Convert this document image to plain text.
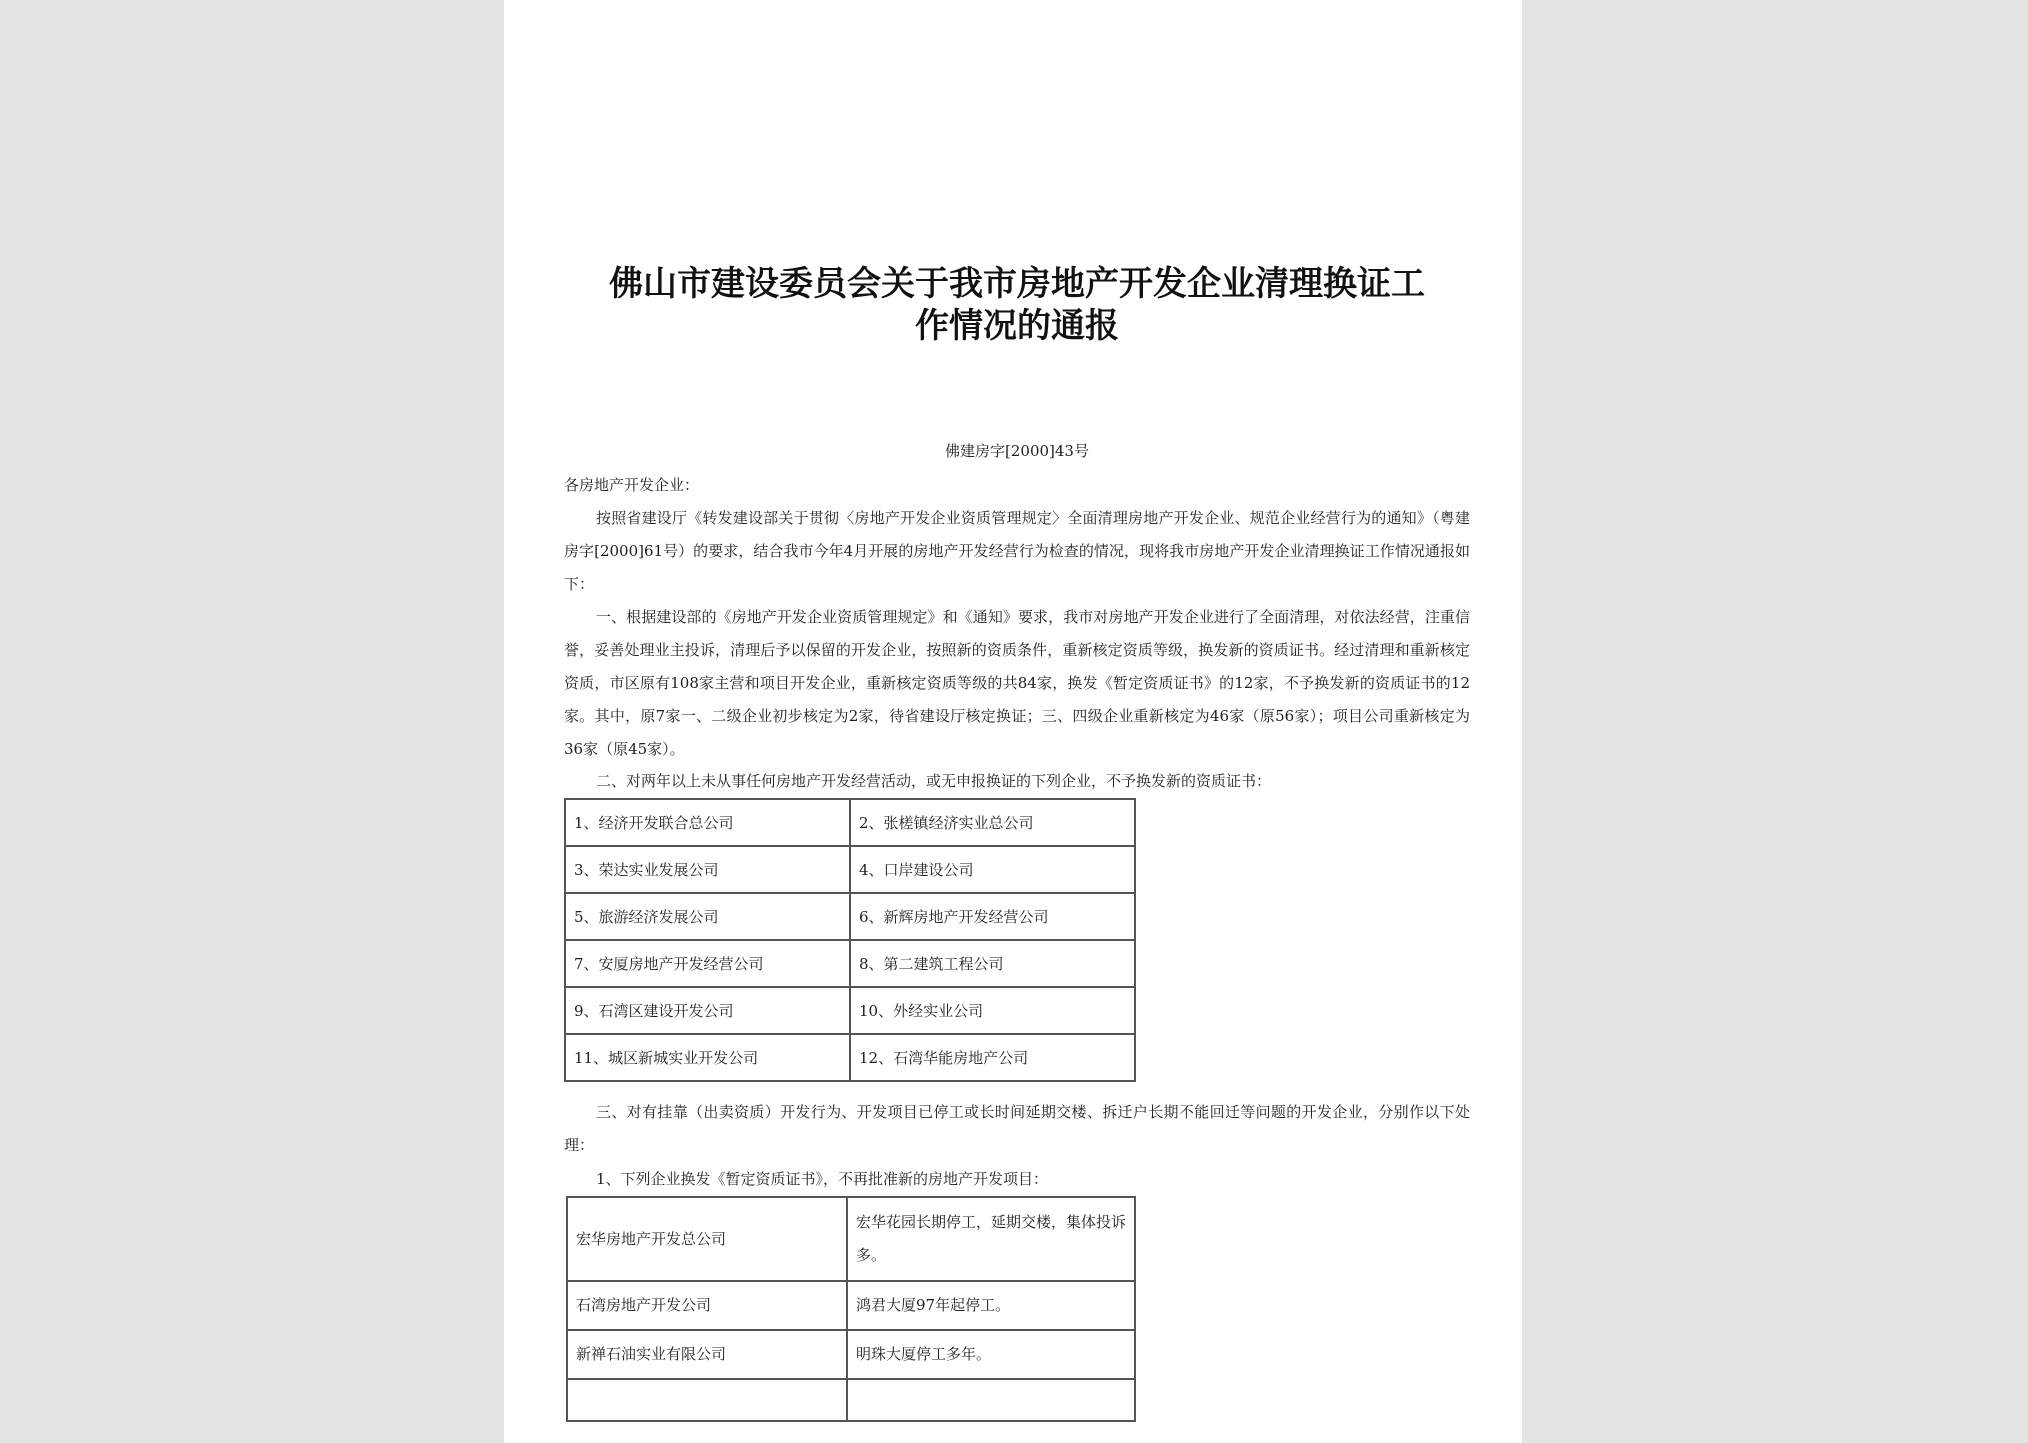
佛山市建设委员会关于我市房地产开发企业清理换证工
作情况的通报
佛建房字[2000]43号

各房地产开发企业：

按照省建设厅《转发建设部关于贯彻〈房地产开发企业资质管理规定〉全面清理房地产开发企业、规范企业经营行为的通知》（粤建房字[2000]61号）的要求，结合我市今年4月开展的房地产开发经营行为检查的情况，现将我市房地产开发企业清理换证工作情况通报如下：

一、根据建设部的《房地产开发企业资质管理规定》和《通知》要求，我市对房地产开发企业进行了全面清理，对依法经营，注重信誉，妥善处理业主投诉，清理后予以保留的开发企业，按照新的资质条件，重新核定资质等级，换发新的资质证书。经过清理和重新核定资质，市区原有108家主营和项目开发企业，重新核定资质等级的共84家，换发《暂定资质证书》的12家，不予换发新的资质证书的12家。其中，原7家一、二级企业初步核定为2家，待省建设厅核定换证；三、四级企业重新核定为46家（原56家）；项目公司重新核定为36家（原45家）。

二、对两年以上未从事任何房地产开发经营活动，或无申报换证的下列企业，不予换发新的资质证书：

1、经济开发联合总公司	2、张槎镇经济实业总公司
3、荣达实业发展公司	4、口岸建设公司
5、旅游经济发展公司	6、新辉房地产开发经营公司
7、安厦房地产开发经营公司	8、第二建筑工程公司
9、石湾区建设开发公司	10、外经实业公司
11、城区新城实业开发公司	12、石湾华能房地产公司

三、对有挂靠（出卖资质）开发行为、开发项目已停工或长时间延期交楼、拆迁户长期不能回迁等问题的开发企业，分别作以下处理：

1、下列企业换发《暂定资质证书》，不再批准新的房地产开发项目：

宏华房地产开发总公司	宏华花园长期停工，延期交楼，集体投诉多。
石湾房地产开发公司	鸿君大厦97年起停工。
新禅石油实业有限公司	明珠大厦停工多年。
